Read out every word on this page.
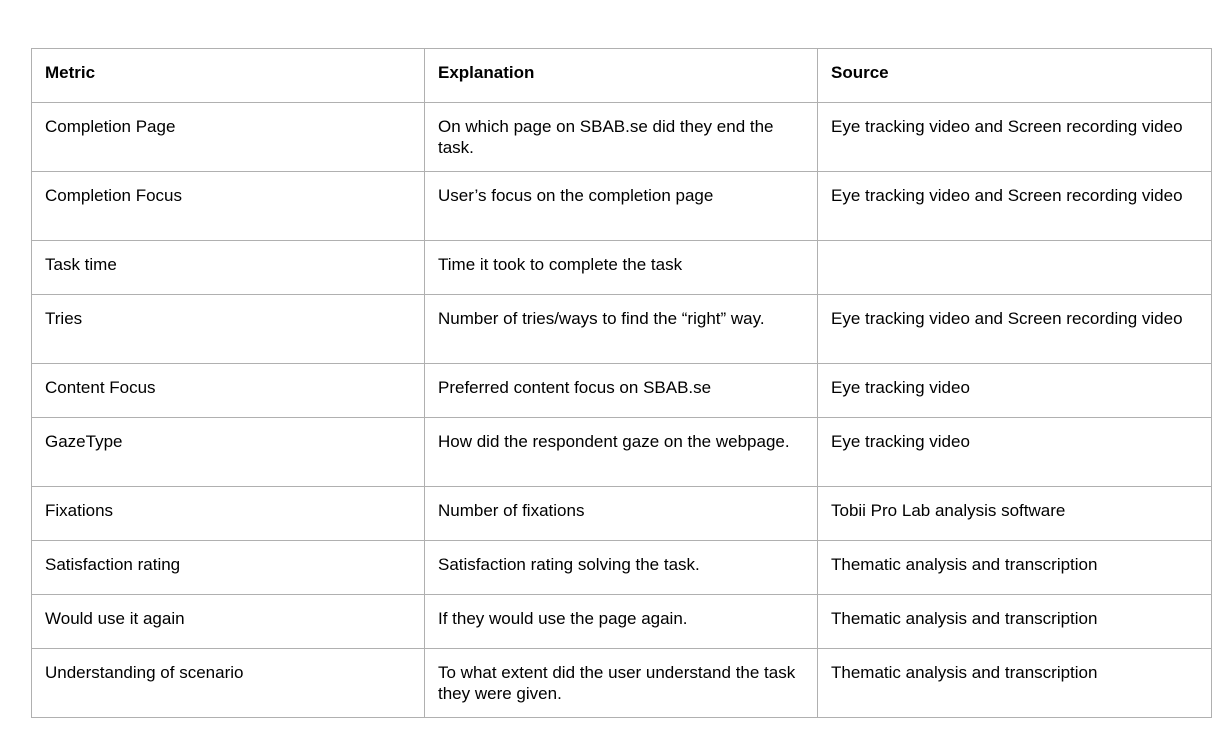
Metric	Explanation	Source
Completion Page	On which page on SBAB.se did they end the task.	Eye tracking video and Screen recording video
Completion Focus	User’s focus on the completion page	Eye tracking video and Screen recording video
Task time	Time it took to complete the task	
Tries	Number of tries/ways to find the “right” way.	Eye tracking video and Screen recording video
Content Focus	Preferred content focus on SBAB.se	Eye tracking video
GazeType	How did the respondent gaze on the webpage.	Eye tracking video
Fixations	Number of fixations	Tobii Pro Lab analysis software
Satisfaction rating	Satisfaction rating solving the task.	Thematic analysis and transcription
Would use it again	If they would use the page again.	Thematic analysis and transcription
Understanding of scenario	To what extent did the user understand the task they were given.	Thematic analysis and transcription
